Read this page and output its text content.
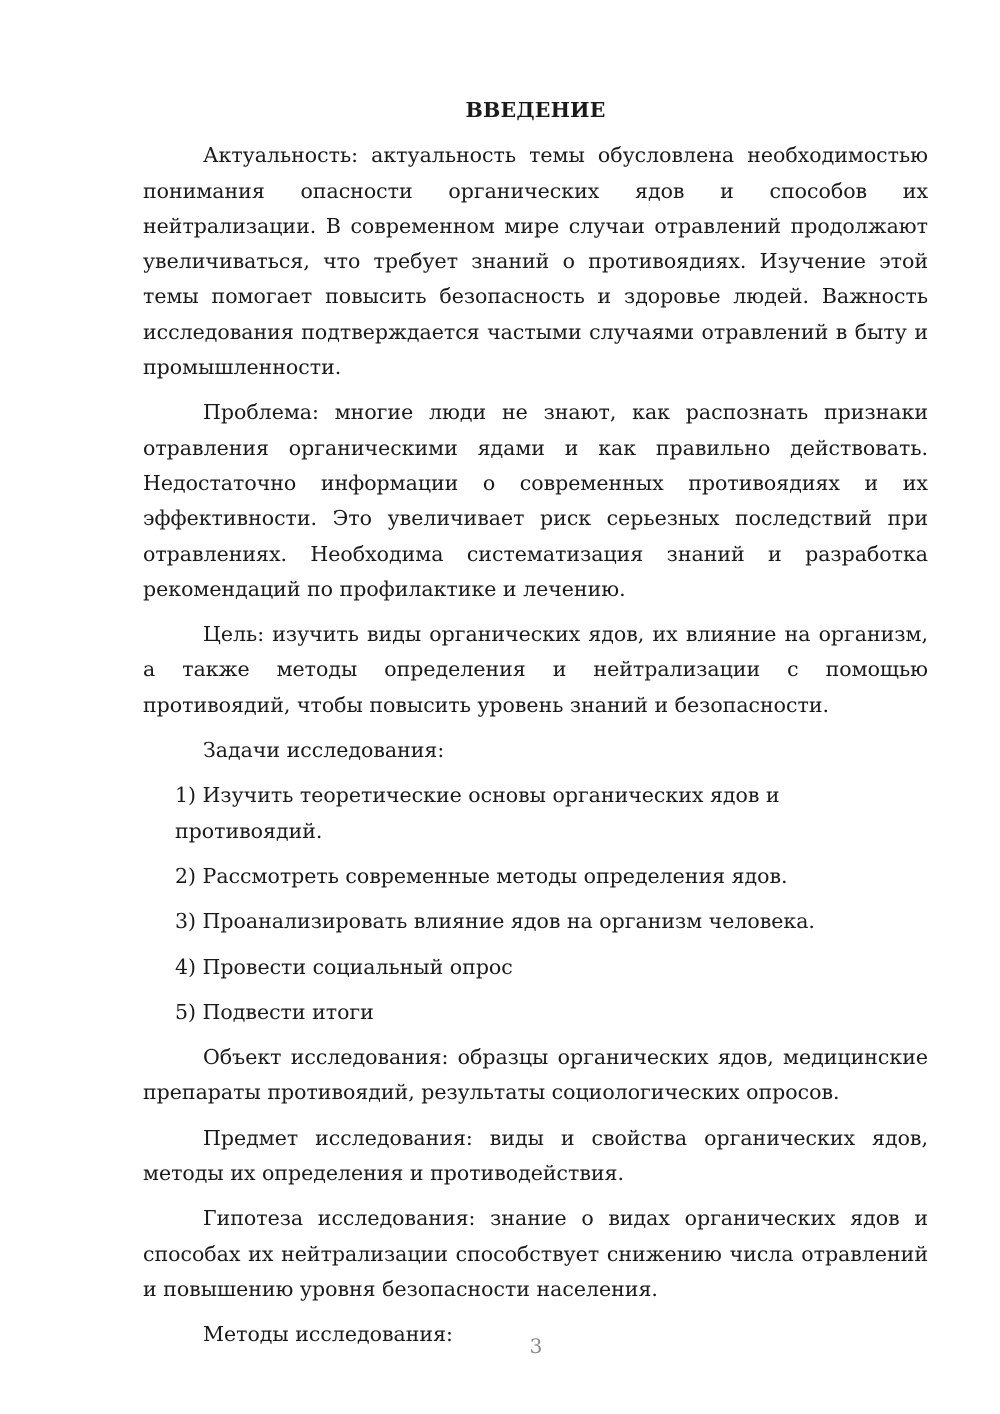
ВВЕДЕНИЕ

Актуальность: актуальность темы обусловлена необходимостью понимания опасности органических ядов и способов их нейтрализации. В современном мире случаи отравлений продолжают увеличиваться, что требует знаний о противоядиях. Изучение этой темы помогает повысить безопасность и здоровье людей. Важность исследования подтверждается частыми случаями отравлений в быту и промышленности.

Проблема: многие люди не знают, как распознать признаки отравления органическими ядами и как правильно действовать. Недостаточно информации о современных противоядиях и их эффективности. Это увеличивает риск серьезных последствий при отравлениях. Необходима систематизация знаний и разработка рекомендаций по профилактике и лечению.

Цель: изучить виды органических ядов, их влияние на организм, а также методы определения и нейтрализации с помощью противоядий, чтобы повысить уровень знаний и безопасности.

Задачи исследования:

1) Изучить теоретические основы органических ядов и противоядий.
2) Рассмотреть современные методы определения ядов.
3) Проанализировать влияние ядов на организм человека.
4) Провести социальный опрос
5) Подвести итоги

Объект исследования: образцы органических ядов, медицинские препараты противоядий, результаты социологических опросов.

Предмет исследования: виды и свойства органических ядов, методы их определения и противодействия.

Гипотеза исследования: знание о видах органических ядов и способах их нейтрализации способствует снижению числа отравлений и повышению уровня безопасности населения.

Методы исследования:	3
